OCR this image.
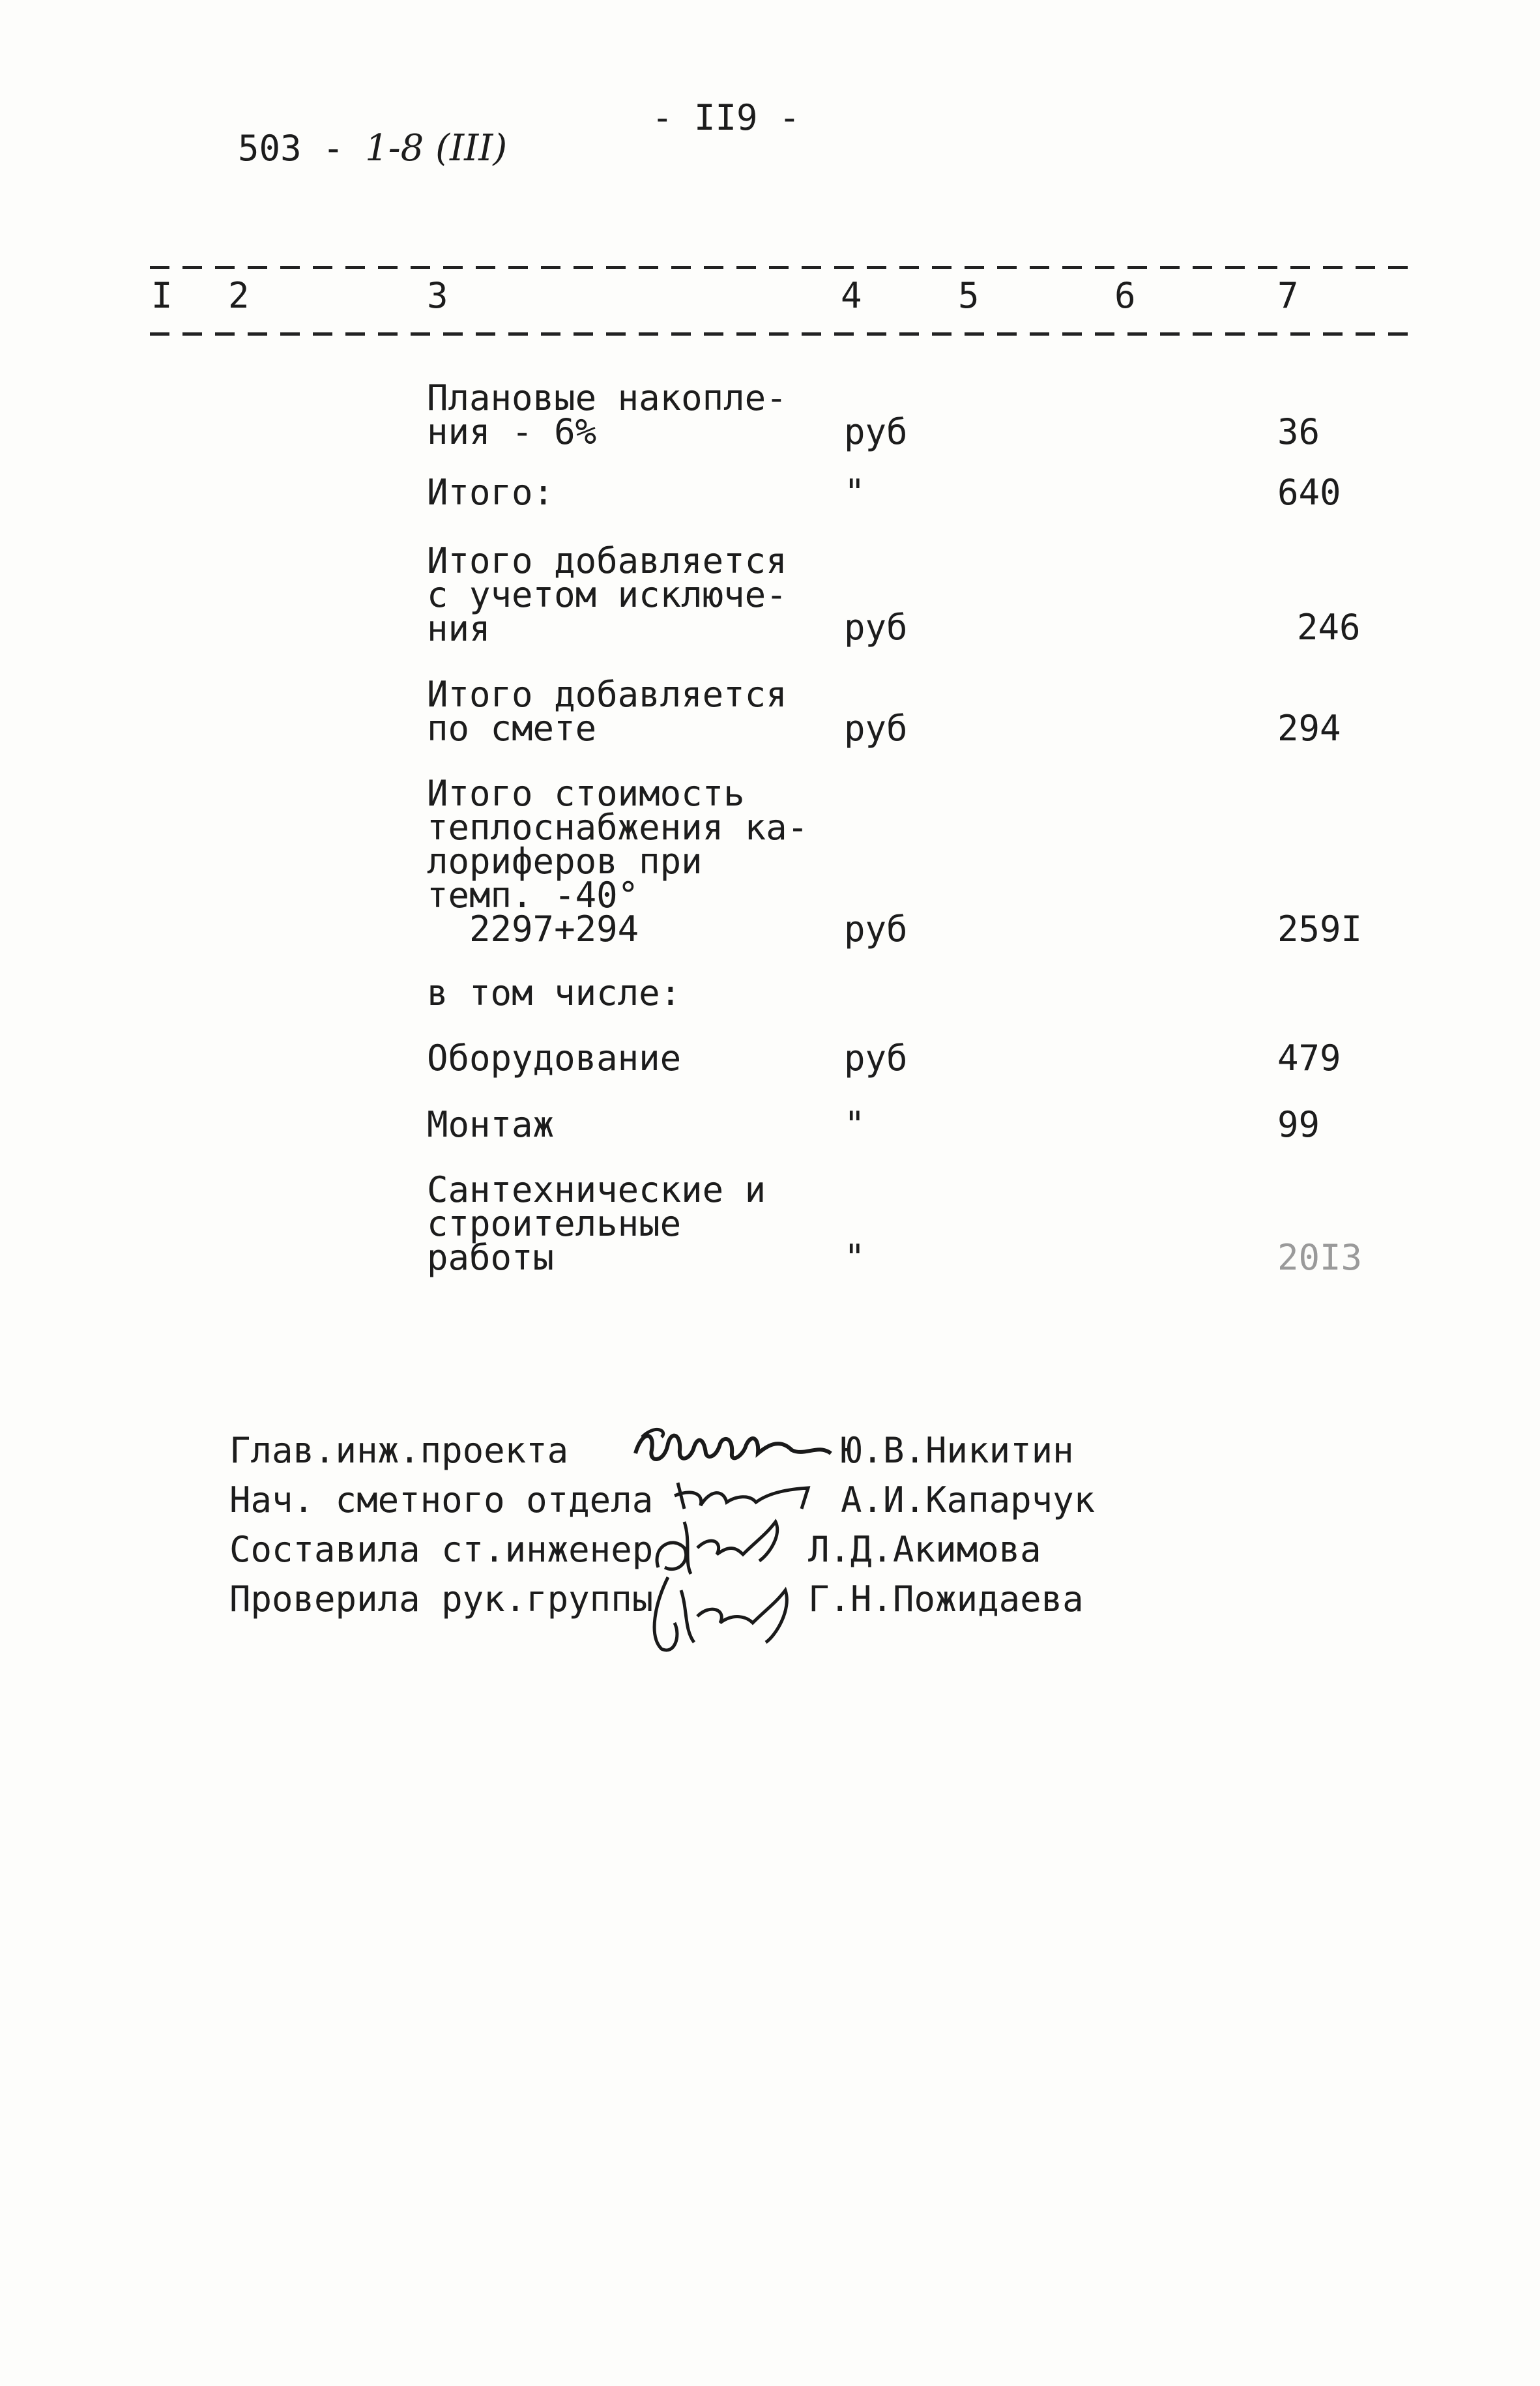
503 - 1-8 (III)

- II9 -
I 2	3	4	5	6	7
Плановые накопле-
ния - 6%	руб	36
Итого:	"	640
Итого добавляется
с учетом исключе-
ния	руб	246
Итого добавляется
по смете	руб	294
Итого стоимость
теплоснабжения ка-
лориферов при
темп. -40°
2297+294	руб	259I
в том числе:
Оборудование	руб	479
Монтаж	"	99
Сантехнические и
строительные
работы	"	20I3
Глав.инж.проекта	Ю.В.Никитин
Нач. сметного отдела	А.И.Капарчук
Составила ст.инженер	Л.Д.Акимова
Проверила рук.группы	Г.Н.Пожидаева
